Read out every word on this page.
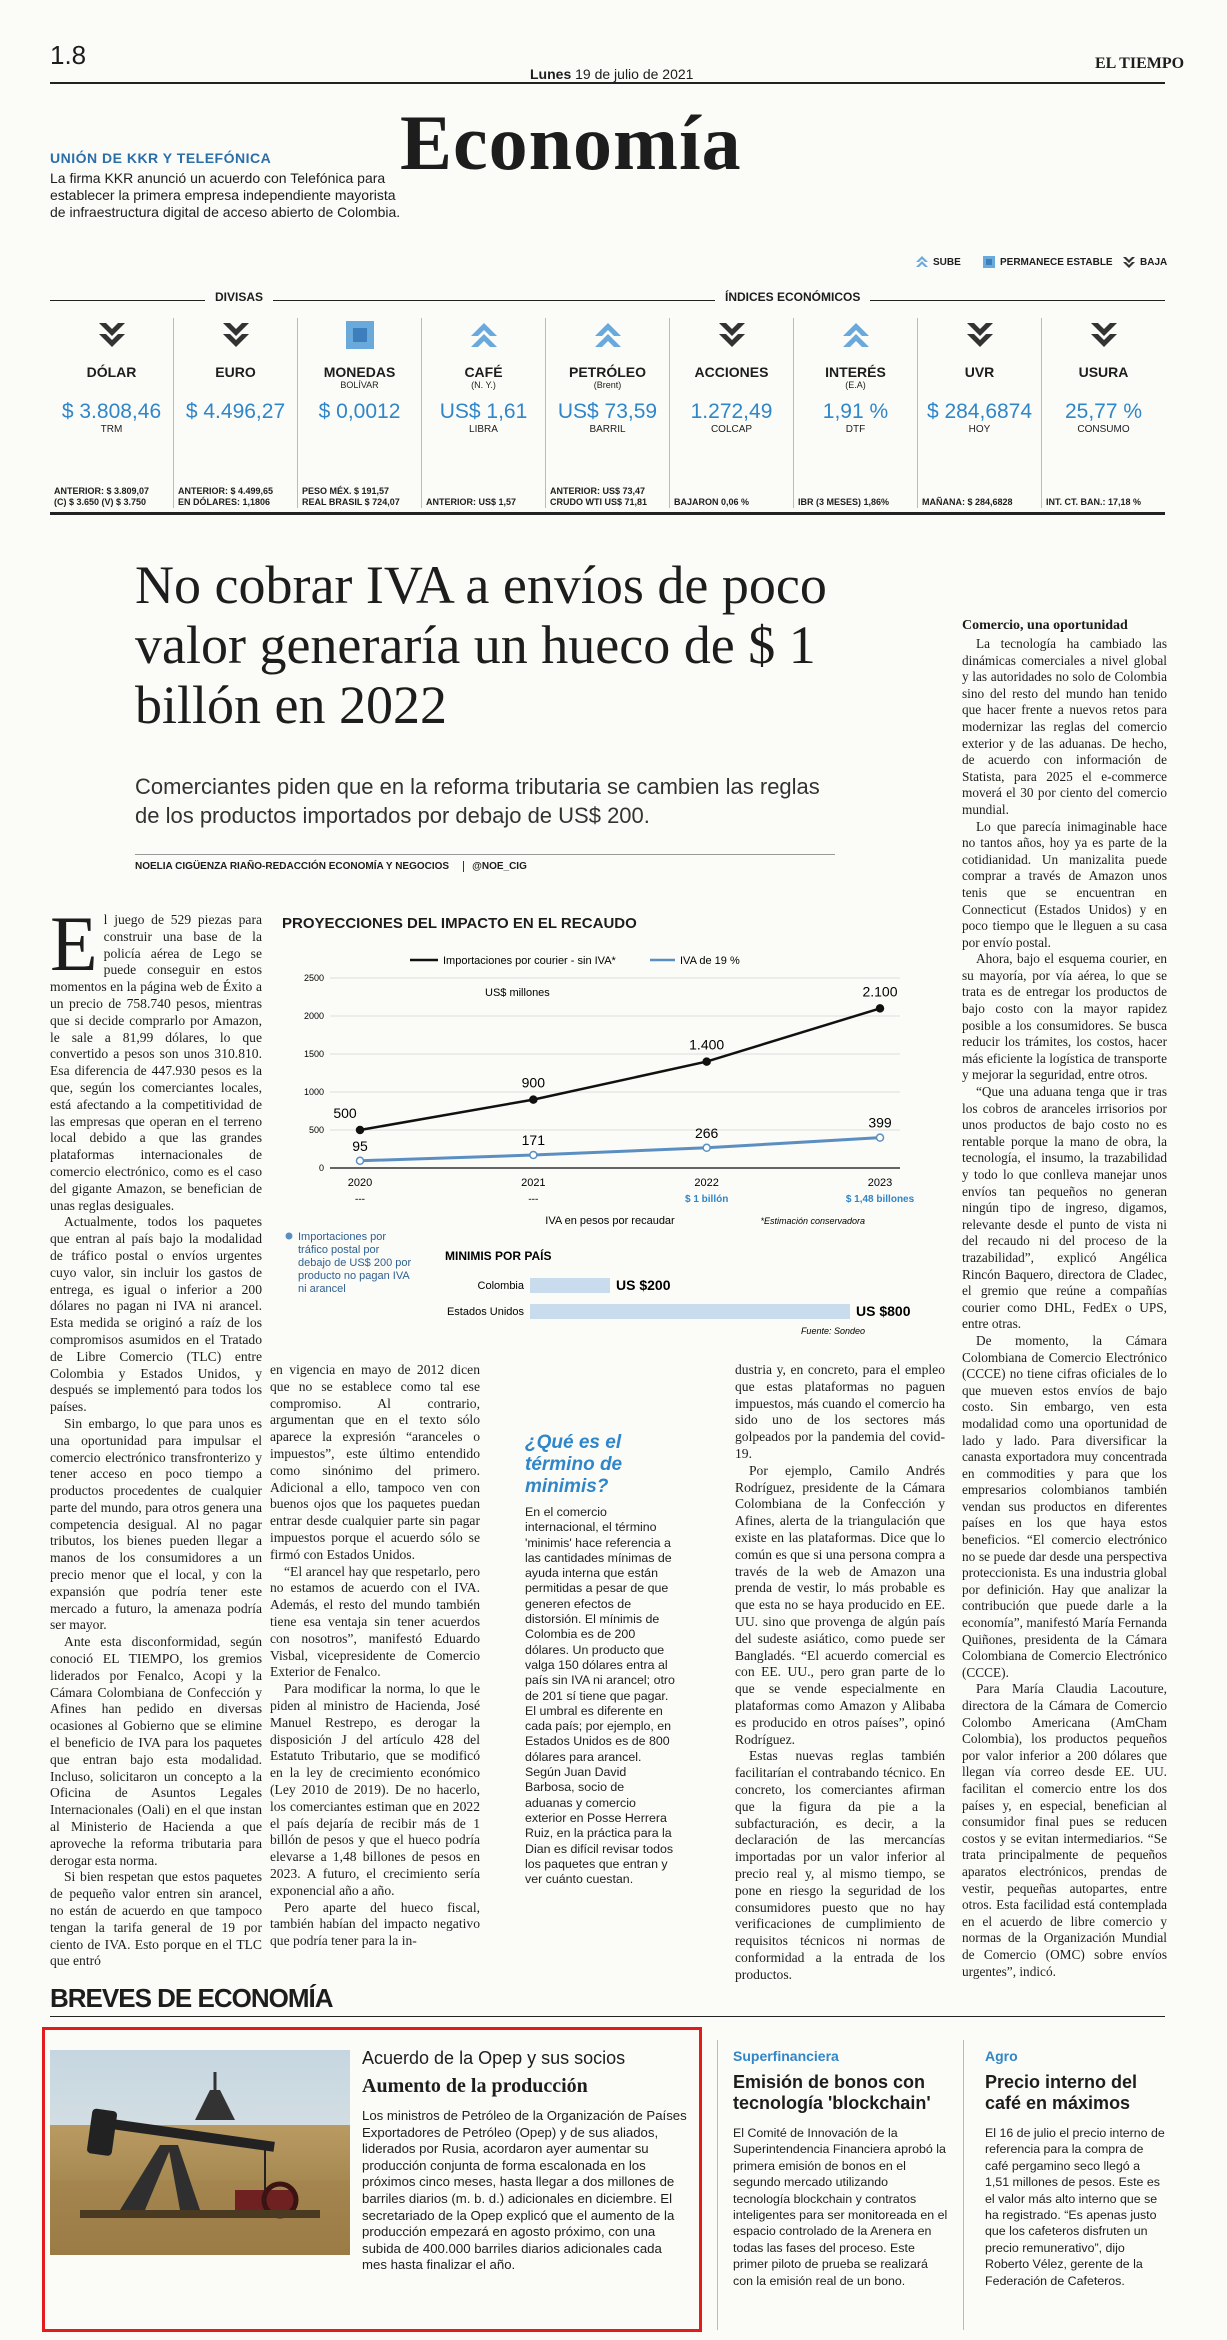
1.8
Lunes 19 de julio de 2021
EL TIEMPO
Economía
UNIÓN DE KKR Y TELEFÓNICA
La firma KKR anunció un acuerdo con Telefónica para establecer la primera empresa independiente mayorista de infraestructura digital de acceso abierto de Colombia.
SUBE	PERMANECE ESTABLE	BAJA
DIVISAS	ÍNDICES ECONÓMICOS
DÓLAR
$ 3.808,46
TRM
ANTERIOR: $ 3.809,07
(C) $ 3.650 (V) $ 3.750
EURO
$ 4.496,27
ANTERIOR: $ 4.499,65
EN DÓLARES: 1,1806
MONEDAS
BOLÍVAR
$ 0,0012
PESO MÉX. $ 191,57
REAL BRASIL $ 724,07
CAFÉ
(N. Y.)
US$ 1,61
LIBRA
ANTERIOR: US$ 1,57
PETRÓLEO
(Brent)
US$ 73,59
BARRIL
ANTERIOR: US$ 73,47
CRUDO WTI US$ 71,81
ACCIONES
1.272,49
COLCAP
BAJARON 0,06 %
INTERÉS
(E.A)
1,91 %
DTF
IBR (3 MESES) 1,86%
UVR
$ 284,6874
HOY
MAÑANA: $ 284,6828
USURA
25,77 %
CONSUMO
INT. CT. BAN.: 17,18 %
No cobrar IVA a envíos de poco valor generaría un hueco de $ 1 billón en 2022
Comerciantes piden que en la reforma tributaria se cambien las reglas de los productos importados por debajo de US$ 200.
NOELIA CIGÜENZA RIAÑO-REDACCIÓN ECONOMÍA Y NEGOCIOS @NOE_CIG

El juego de 529 piezas para construir una base de la policía aérea de Lego se puede conseguir en estos momentos en la página web de Éxito a un precio de 758.740 pesos, mientras que si decide comprarlo por Amazon, le sale a 81,99 dólares, lo que convertido a pesos son unos 310.810. Esa diferencia de 447.930 pesos es la que, según los comerciantes locales, está afectando a la competitividad de las empresas que operan en el terreno local debido a que las grandes plataformas internacionales de comercio electrónico, como es el caso del gigante Amazon, se benefician de unas reglas desiguales.

Actualmente, todos los paquetes que entran al país bajo la modalidad de tráfico postal o envíos urgentes cuyo valor, sin incluir los gastos de entrega, es igual o inferior a 200 dólares no pagan ni IVA ni arancel. Esta medida se originó a raíz de los compromisos asumidos en el Tratado de Libre Comercio (TLC) entre Colombia y Estados Unidos, y después se implementó para todos los países.

Sin embargo, lo que para unos es una oportunidad para impulsar el comercio electrónico transfronterizo y tener acceso en poco tiempo a productos procedentes de cualquier parte del mundo, para otros genera una competencia desigual. Al no pagar tributos, los bienes pueden llegar a manos de los consumidores a un precio menor que el local, y con la expansión que podría tener este mercado a futuro, la amenaza podría ser mayor.

Ante esta disconformidad, según conoció EL TIEMPO, los gremios liderados por Fenalco, Acopi y la Cámara Colombiana de Confección y Afines han pedido en diversas ocasiones al Gobierno que se elimine el beneficio de IVA para los paquetes que entran bajo esta modalidad. Incluso, solicitaron un concepto a la Oficina de Asuntos Legales Internacionales (Oali) en el que instan al Ministerio de Hacienda a que aproveche la reforma tributaria para derogar esta norma.

Si bien respetan que estos paquetes de pequeño valor entren sin arancel, no están de acuerdo en que tampoco tengan la tarifa general de 19 por ciento de IVA. Esto porque en el TLC que entró

PROYECCIONES DEL IMPACTO EN EL RECAUDO
0
500
1000
1500
2000
2500
Importaciones por courier - sin IVA*	IVA de 19 %
US$ millones
500
900
1.400
2.100
95	171	266
399
2020
---
2021
---
2022
$ 1 billón
2023
$ 1,48 billones
IVA en pesos por recaudar	*Estimación conservadora
Importaciones por tráfico postal por debajo de US$ 200 por producto no pagan IVA ni arancel
MINIMIS POR PAÍS
Colombia	US $200
Estados Unidos	US $800
Fuente: Sondeo

en vigencia en mayo de 2012 dicen que no se establece como tal ese compromiso. Al contrario, argumentan que en el texto sólo aparece la expresión “aranceles o impuestos”, este último entendido como sinónimo del primero. Adicional a ello, tampoco ven con buenos ojos que los paquetes puedan entrar desde cualquier parte sin pagar impuestos porque el acuerdo sólo se firmó con Estados Unidos.

“El arancel hay que respetarlo, pero no estamos de acuerdo con el IVA. Además, el resto del mundo también tiene esa ventaja sin tener acuerdos con nosotros”, manifestó Eduardo Visbal, vicepresidente de Comercio Exterior de Fenalco.

Para modificar la norma, lo que le piden al ministro de Hacienda, José Manuel Restrepo, es derogar la disposición J del artículo 428 del Estatuto Tributario, que se modificó en la ley de crecimiento económico (Ley 2010 de 2019). De no hacerlo, los comerciantes estiman que en 2022 el país dejaría de recibir más de 1 billón de pesos y que el hueco podría elevarse a 1,48 billones de pesos en 2023. A futuro, el crecimiento sería exponencial año a año.

Pero aparte del hueco fiscal, también habían del impacto negativo que podría tener para la in-

¿Qué es el término de minimis?
En el comercio internacional, el término 'minimis' hace referencia a las cantidades mínimas de ayuda interna que están permitidas a pesar de que generen efectos de distorsión. El mínimis de Colombia es de 200 dólares. Un producto que valga 150 dólares entra al país sin IVA ni arancel; otro de 201 sí tiene que pagar. El umbral es diferente en cada país; por ejemplo, en Estados Unidos es de 800 dólares para arancel. Según Juan David Barbosa, socio de aduanas y comercio exterior en Posse Herrera Ruiz, en la práctica para la Dian es difícil revisar todos los paquetes que entran y ver cuánto cuestan.

dustria y, en concreto, para el empleo que estas plataformas no paguen impuestos, más cuando el comercio ha sido uno de los sectores más golpeados por la pandemia del covid-19.

Por ejemplo, Camilo Andrés Rodríguez, presidente de la Cámara Colombiana de la Confección y Afines, alerta de la triangulación que existe en las plataformas. Dice que lo común es que si una persona compra a través de la web de Amazon una prenda de vestir, lo más probable es que esta no se haya producido en EE. UU. sino que provenga de algún país del sudeste asiático, como puede ser Bangladés. “El acuerdo comercial es con EE. UU., pero gran parte de lo que se vende especialmente en plataformas como Amazon y Alibaba es producido en otros países”, opinó Rodríguez.

Estas nuevas reglas también facilitarían el contrabando técnico. En concreto, los comerciantes afirman que la figura da pie a la subfacturación, es decir, a la declaración de las mercancías importadas por un valor inferior al precio real y, al mismo tiempo, se pone en riesgo la seguridad de los consumidores puesto que no hay verificaciones de cumplimiento de requisitos técnicos ni normas de conformidad a la entrada de los productos.

Comercio, una oportunidad

La tecnología ha cambiado las dinámicas comerciales a nivel global y las autoridades no solo de Colombia sino del resto del mundo han tenido que hacer frente a nuevos retos para modernizar las reglas del comercio exterior y de las aduanas. De hecho, de acuerdo con información de Statista, para 2025 el e-commerce moverá el 30 por ciento del comercio mundial.

Lo que parecía inimaginable hace no tantos años, hoy ya es parte de la cotidianidad. Un manizalita puede comprar a través de Amazon unos tenis que se encuentran en Connecticut (Estados Unidos) y en poco tiempo que le lleguen a su casa por envío postal.

Ahora, bajo el esquema courier, en su mayoría, por vía aérea, lo que se trata es de entregar los productos de bajo costo con la mayor rapidez posible a los consumidores. Se busca reducir los trámites, los costos, hacer más eficiente la logística de transporte y mejorar la seguridad, entre otros.

“Que una aduana tenga que ir tras los cobros de aranceles irrisorios por unos productos de bajo costo no es rentable porque la mano de obra, la tecnología, el insumo, la trazabilidad y todo lo que conlleva manejar unos envíos tan pequeños no generan ningún tipo de ingreso, digamos, relevante desde el punto de vista ni del recaudo ni del proceso de la trazabilidad”, explicó Angélica Rincón Baquero, directora de Cladec, el gremio que reúne a compañías courier como DHL, FedEx o UPS, entre otras.

De momento, la Cámara Colombiana de Comercio Electrónico (CCCE) no tiene cifras oficiales de lo que mueven estos envíos de bajo costo. Sin embargo, ven esta modalidad como una oportunidad de lado y lado. Para diversificar la canasta exportadora muy concentrada en commodities y para que los empresarios colombianos también vendan sus productos en diferentes países en los que haya estos beneficios. “El comercio electrónico no se puede dar desde una perspectiva proteccionista. Es una industria global por definición. Hay que analizar la contribución que puede darle a la economía”, manifestó María Fernanda Quiñones, presidenta de la Cámara Colombiana de Comercio Electrónico (CCCE).

Para María Claudia Lacouture, directora de la Cámara de Comercio Colombo Americana (AmCham Colombia), los productos pequeños por valor inferior a 200 dólares que llegan vía correo desde EE. UU. facilitan el comercio entre los dos países y, en especial, benefician al consumidor final pues se reducen costos y se evitan intermediarios. “Se trata principalmente de pequeños aparatos electrónicos, prendas de vestir, pequeñas autopartes, entre otros. Esta facilidad está contemplada en el acuerdo de libre comercio y normas de la Organización Mundial de Comercio (OMC) sobre envíos urgentes”, indicó.

BREVES DE ECONOMÍA
Acuerdo de la Opep y sus socios
Aumento de la producción
Los ministros de Petróleo de la Organización de Países Exportadores de Petróleo (Opep) y de sus aliados, liderados por Rusia, acordaron ayer aumentar su producción conjunta de forma escalonada en los próximos cinco meses, hasta llegar a dos millones de barriles diarios (m. b. d.) adicionales en diciembre. El secretariado de la Opep explicó que el aumento de la producción empezará en agosto próximo, con una subida de 400.000 barriles diarios adicionales cada mes hasta finalizar el año.
Superfinanciera
Emisión de bonos con tecnología 'blockchain'
El Comité de Innovación de la Superintendencia Financiera aprobó la primera emisión de bonos en el segundo mercado utilizando tecnología blockchain y contratos inteligentes para ser monitoreada en el espacio controlado de la Arenera en todas las fases del proceso. Este primer piloto de prueba se realizará con la emisión real de un bono.
Agro
Precio interno del café en máximos
El 16 de julio el precio interno de referencia para la compra de café pergamino seco llegó a 1,51 millones de pesos. Este es el valor más alto interno que se ha registrado. “Es apenas justo que los cafeteros disfruten un precio remunerativo”, dijo Roberto Vélez, gerente de la Federación de Cafeteros.
